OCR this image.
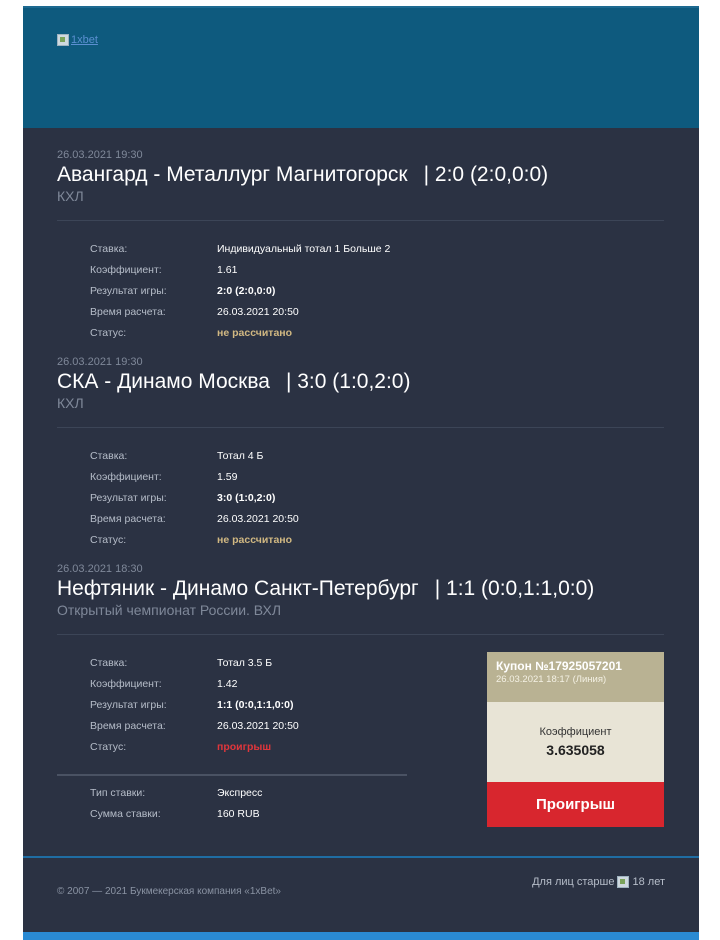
1xbet
26.03.2021 19:30
Авангард - Металлург Магнитогорск | 2:0 (2:0,0:0)
КХЛ
Ставка:	Индивидуальный тотал 1 Больше 2
Коэффициент:	1.61
Результат игры:	2:0 (2:0,0:0)
Время расчета:	26.03.2021 20:50
Статус:	не рассчитано
26.03.2021 19:30
СКА - Динамо Москва | 3:0 (1:0,2:0)
КХЛ
Ставка:	Тотал 4 Б
Коэффициент:	1.59
Результат игры:	3:0 (1:0,2:0)
Время расчета:	26.03.2021 20:50
Статус:	не рассчитано
26.03.2021 18:30
Нефтяник - Динамо Санкт-Петербург | 1:1 (0:0,1:1,0:0)
Открытый чемпионат России. ВХЛ
Ставка:	Тотал 3.5 Б
Коэффициент:	1.42
Результат игры:	1:1 (0:0,1:1,0:0)
Время расчета:	26.03.2021 20:50
Статус:	проигрыш
Тип ставки:	Экспресс
Сумма ставки:	160 RUB
Купон №17925057201
26.03.2021 18:17 (Линия)
Коэффициент
3.635058
Проигрыш
© 2007 — 2021 Букмекерская компания «1xBet»
Для лиц старше 18 лет
